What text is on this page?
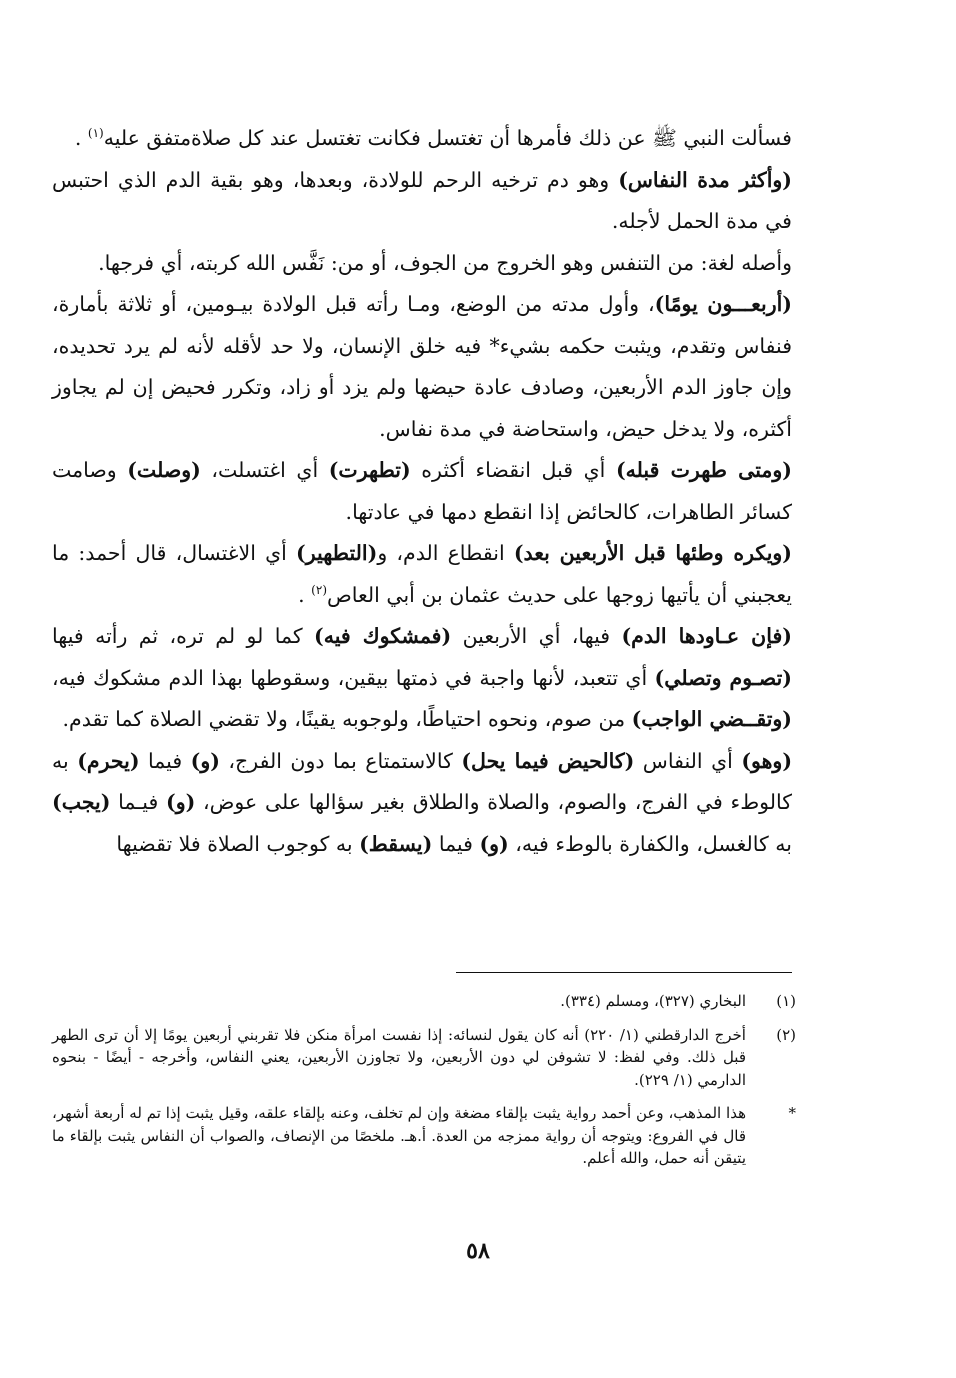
فسألت النبي ﷺ عن ذلك فأمرها أن تغتسل فكانت تغتسل عند كل صلاةمتفق عليه$^{(١)}$ .

(وأكثر مدة النفاس) وهو دم ترخيه الرحم للولادة، وبعدها، وهو بقية الدم الذي احتبس في مدة الحمل لأجله.

وأصله لغة: من التنفس وهو الخروج من الجوف، أو من: نَفَّس الله كربته، أي فرجها.

(أربعـــون يومًا)، وأول مدته من الوضع، ومـا رأته قبل الولادة بيـومين، أو ثلاثة بأمارة، فنفاس وتقدم، ويثبت حكمه بشيء* فيه خلق الإنسان، ولا حد لأقله لأنه لم يرد تحديده، وإن جاوز الدم الأربعين، وصادف عادة حيضها ولم يزد أو زاد، وتكرر فحيض إن لم يجاوز أكثره، ولا يدخل حيض، واستحاضة في مدة نفاس.

(ومتى طهرت قبله) أي قبل انقضاء أكثره (تطهرت) أي اغتسلت، (وصلت) وصامت كسائر الطاهرات، كالحائض إذا انقطع دمها في عادتها.

(ويكره وطئها قبل الأربعين بعد) انقطاع الدم، و(التطهير) أي الاغتسال، قال أحمد: ما يعجبني أن يأتيها زوجها على حديث عثمان بن أبي العاص$^{(٢)}$ .

(فإن عـاودها الدم) فيها، أي الأربعين (فمشكوك فيه) كما لو لم تره، ثم رأته فيها (تصـوم وتصلي) أي تتعبد، لأنها واجبة في ذمتها بيقين، وسقوطها بهذا الدم مشكوك فيه، (وتقــضي الواجب) من صوم، ونحوه احتياطًا، ولوجوبه يقينًا، ولا تقضي الصلاة كما تقدم.

(وهو) أي النفاس (كالحيض فيما يحل) كالاستمتاع بما دون الفرج، (و) فيما (يحرم) به كالوطء في الفرج، والصوم، والصلاة والطلاق بغير سؤالها على عوض، (و) فيـما (يجب) به كالغسل، والكفارة بالوطء فيه، (و) فيما (يسقط) به كوجوب الصلاة فلا تقضيها

(١)
البخاري (٣٢٧)، ومسلم (٣٣٤).
(٢)
أخرج الدارقطني (١/ ٢٢٠) أنه كان يقول لنسائه: إذا نفست امرأة منكن فلا تقربني أربعين يومًا إلا أن ترى الطهر قبل ذلك. وفي لفظ: لا تشوفن لي دون الأربعين، ولا تجاوزن الأربعين، يعني النفاس، وأخرجه - أيضًا - بنحوه الدارمي (١/ ٢٢٩).
*
هذا المذهب، وعن أحمد رواية يثبت بإلقاء مضغة وإن لم تخلف، وعنه بإلقاء علقه، وقيل يثبت إذا تم له أربعة أشهر، قال في الفروع: ويتوجه أن رواية ممزجه من العدة. أ.هـ. ملخصًا من الإنصاف، والصواب أن النفاس يثبت بإلقاء ما يتيقن أنه حمل، والله أعلم.
٥٨
